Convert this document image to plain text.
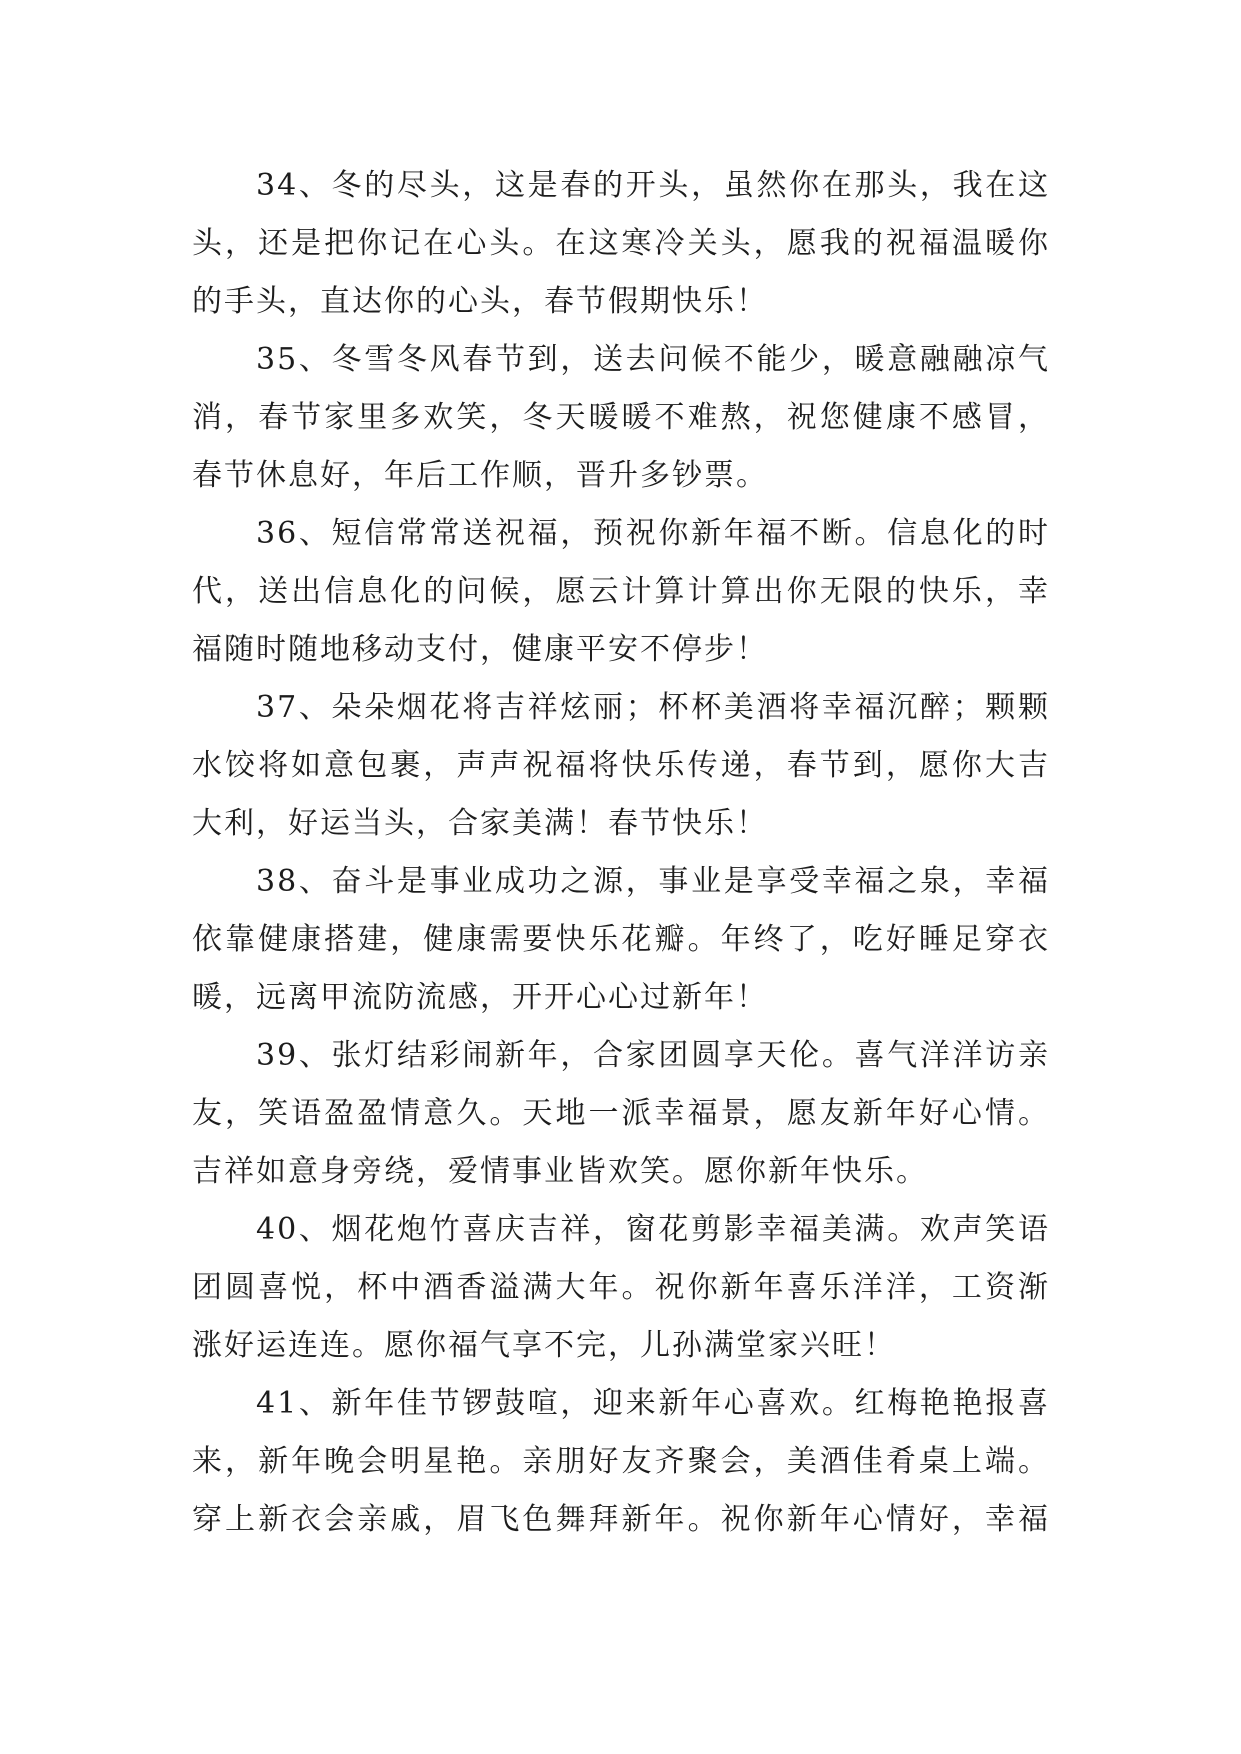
34、冬的尽头，这是春的开头，虽然你在那头，我在这
头，还是把你记在心头。在这寒冷关头，愿我的祝福温暖你
的手头，直达你的心头，春节假期快乐！
35、冬雪冬风春节到，送去问候不能少，暖意融融凉气
消，春节家里多欢笑，冬天暖暖不难熬，祝您健康不感冒，
春节休息好，年后工作顺，晋升多钞票。
36、短信常常送祝福，预祝你新年福不断。信息化的时
代，送出信息化的问候，愿云计算计算出你无限的快乐，幸
福随时随地移动支付，健康平安不停步！
37、朵朵烟花将吉祥炫丽；杯杯美酒将幸福沉醉；颗颗
水饺将如意包裹，声声祝福将快乐传递，春节到，愿你大吉
大利，好运当头，合家美满！春节快乐！
38、奋斗是事业成功之源，事业是享受幸福之泉，幸福
依靠健康搭建，健康需要快乐花瓣。年终了，吃好睡足穿衣
暖，远离甲流防流感，开开心心过新年！
39、张灯结彩闹新年，合家团圆享天伦。喜气洋洋访亲
友，笑语盈盈情意久。天地一派幸福景，愿友新年好心情。
吉祥如意身旁绕，爱情事业皆欢笑。愿你新年快乐。
40、烟花炮竹喜庆吉祥，窗花剪影幸福美满。欢声笑语
团圆喜悦，杯中酒香溢满大年。祝你新年喜乐洋洋，工资渐
涨好运连连。愿你福气享不完，儿孙满堂家兴旺！
41、新年佳节锣鼓喧，迎来新年心喜欢。红梅艳艳报喜
来，新年晚会明星艳。亲朋好友齐聚会，美酒佳肴桌上端。
穿上新衣会亲戚，眉飞色舞拜新年。祝你新年心情好，幸福
